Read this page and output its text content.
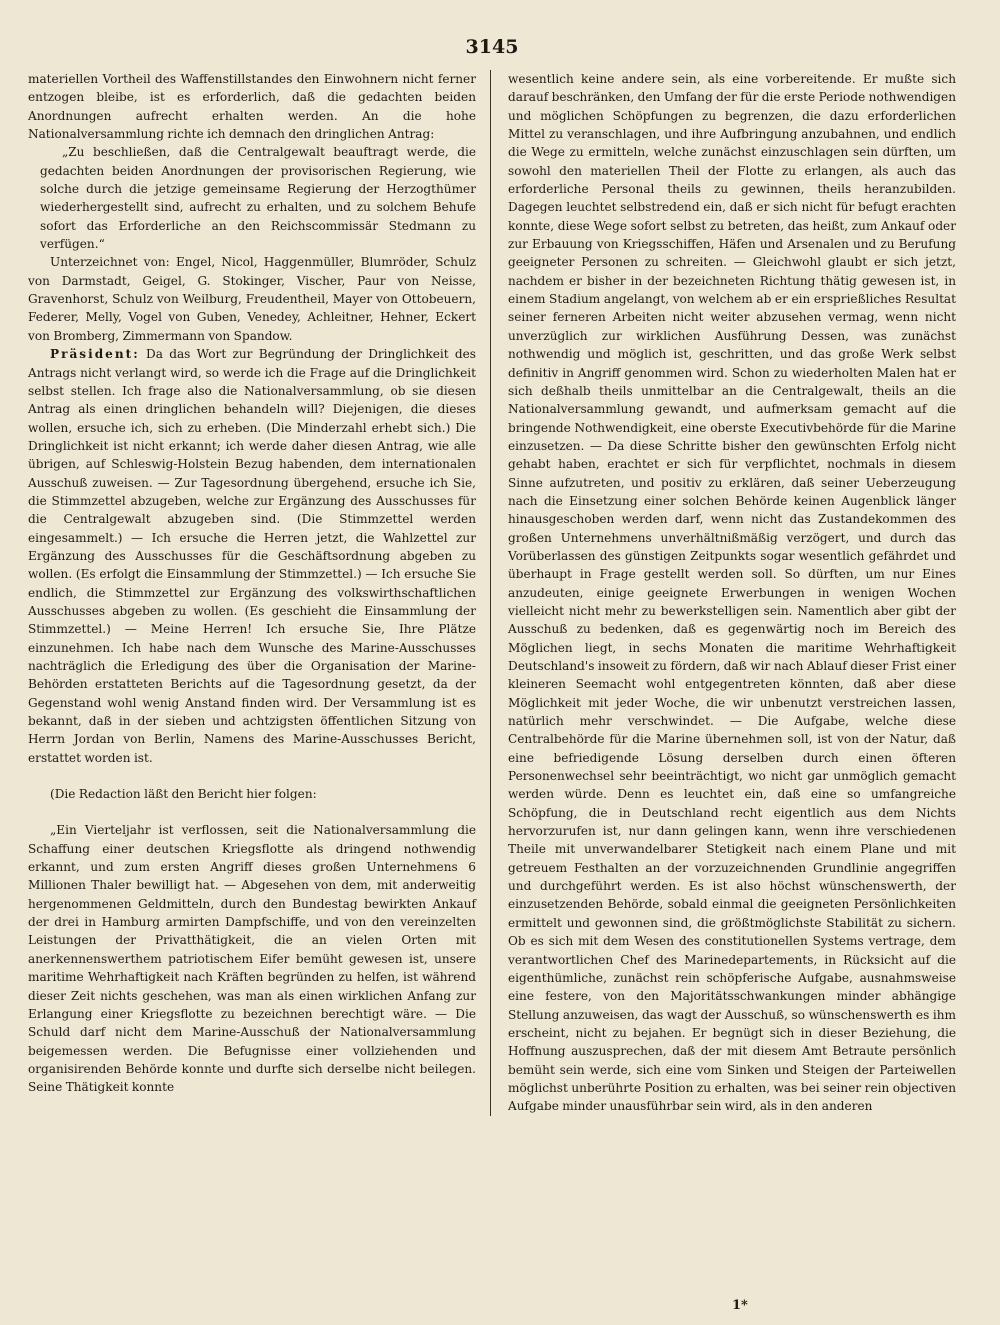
3145

materiellen Vortheil des Waffenstillstandes den Einwohnern nicht ferner entzogen bleibe, ist es erforderlich, daß die gedachten beiden Anordnungen aufrecht erhalten werden. An die hohe Nationalversammlung richte ich demnach den dringlichen Antrag:

„Zu beschließen, daß die Centralgewalt beauftragt werde, die gedachten beiden Anordnungen der provisorischen Regierung, wie solche durch die jetzige gemeinsame Regierung der Herzogthümer wiederhergestellt sind, aufrecht zu erhalten, und zu solchem Behufe sofort das Erforderliche an den Reichscommissär Stedmann zu verfügen.“

Unterzeichnet von: Engel, Nicol, Haggenmüller, Blumröder, Schulz von Darmstadt, Geigel, G. Stokinger, Vischer, Paur von Neisse, Gravenhorst, Schulz von Weilburg, Freudentheil, Mayer von Ottobeuern, Federer, Melly, Vogel von Guben, Venedey, Achleitner, Hehner, Eckert von Bromberg, Zimmermann von Spandow.

Präsident: Da das Wort zur Begründung der Dringlichkeit des Antrags nicht verlangt wird, so werde ich die Frage auf die Dringlichkeit selbst stellen. Ich frage also die Nationalversammlung, ob sie diesen Antrag als einen dringlichen behandeln will? Diejenigen, die dieses wollen, ersuche ich, sich zu erheben. (Die Minderzahl erhebt sich.) Die Dringlichkeit ist nicht erkannt; ich werde daher diesen Antrag, wie alle übrigen, auf Schleswig-Holstein Bezug habenden, dem internationalen Ausschuß zuweisen. — Zur Tagesordnung übergehend, ersuche ich Sie, die Stimmzettel abzugeben, welche zur Ergänzung des Ausschusses für die Centralgewalt abzugeben sind. (Die Stimmzettel werden eingesammelt.) — Ich ersuche die Herren jetzt, die Wahlzettel zur Ergänzung des Ausschusses für die Geschäftsordnung abgeben zu wollen. (Es erfolgt die Einsammlung der Stimmzettel.) — Ich ersuche Sie endlich, die Stimmzettel zur Ergänzung des volkswirthschaftlichen Ausschusses abgeben zu wollen. (Es geschieht die Einsammlung der Stimmzettel.) — Meine Herren! Ich ersuche Sie, Ihre Plätze einzunehmen. Ich habe nach dem Wunsche des Marine-Ausschusses nachträglich die Erledigung des über die Organisation der Marine-Behörden erstatteten Berichts auf die Tagesordnung gesetzt, da der Gegenstand wohl wenig Anstand finden wird. Der Versammlung ist es bekannt, daß in der sieben und achtzigsten öffentlichen Sitzung von Herrn Jordan von Berlin, Namens des Marine-Ausschusses Bericht, erstattet worden ist.

(Die Redaction läßt den Bericht hier folgen:

„Ein Vierteljahr ist verflossen, seit die Nationalversammlung die Schaffung einer deutschen Kriegsflotte als dringend nothwendig erkannt, und zum ersten Angriff dieses großen Unternehmens 6 Millionen Thaler bewilligt hat. — Abgesehen von dem, mit anderweitig hergenommenen Geldmitteln, durch den Bundestag bewirkten Ankauf der drei in Hamburg armirten Dampfschiffe, und von den vereinzelten Leistungen der Privatthätigkeit, die an vielen Orten mit anerkennenswerthem patriotischem Eifer bemüht gewesen ist, unsere maritime Wehrhaftigkeit nach Kräften begründen zu helfen, ist während dieser Zeit nichts geschehen, was man als einen wirklichen Anfang zur Erlangung einer Kriegsflotte zu bezeichnen berechtigt wäre. — Die Schuld darf nicht dem Marine-Ausschuß der Nationalversammlung beigemessen werden. Die Befugnisse einer vollziehenden und organisirenden Behörde konnte und durfte sich derselbe nicht beilegen. Seine Thätigkeit konnte

wesentlich keine andere sein, als eine vorbereitende. Er mußte sich darauf beschränken, den Umfang der für die erste Periode nothwendigen und möglichen Schöpfungen zu begrenzen, die dazu erforderlichen Mittel zu veranschlagen, und ihre Aufbringung anzubahnen, und endlich die Wege zu ermitteln, welche zunächst einzuschlagen sein dürften, um sowohl den materiellen Theil der Flotte zu erlangen, als auch das erforderliche Personal theils zu gewinnen, theils heranzubilden. Dagegen leuchtet selbstredend ein, daß er sich nicht für befugt erachten konnte, diese Wege sofort selbst zu betreten, das heißt, zum Ankauf oder zur Erbauung von Kriegsschiffen, Häfen und Arsenalen und zu Berufung geeigneter Personen zu schreiten. — Gleichwohl glaubt er sich jetzt, nachdem er bisher in der bezeichneten Richtung thätig gewesen ist, in einem Stadium angelangt, von welchem ab er ein ersprießliches Resultat seiner ferneren Arbeiten nicht weiter abzusehen vermag, wenn nicht unverzüglich zur wirklichen Ausführung Dessen, was zunächst nothwendig und möglich ist, geschritten, und das große Werk selbst definitiv in Angriff genommen wird. Schon zu wiederholten Malen hat er sich deßhalb theils unmittelbar an die Centralgewalt, theils an die Nationalversammlung gewandt, und aufmerksam gemacht auf die bringende Nothwendigkeit, eine oberste Executivbehörde für die Marine einzusetzen. — Da diese Schritte bisher den gewünschten Erfolg nicht gehabt haben, erachtet er sich für verpflichtet, nochmals in diesem Sinne aufzutreten, und positiv zu erklären, daß seiner Ueberzeugung nach die Einsetzung einer solchen Behörde keinen Augenblick länger hinausgeschoben werden darf, wenn nicht das Zustandekommen des großen Unternehmens unverhältnißmäßig verzögert, und durch das Vorüberlassen des günstigen Zeitpunkts sogar wesentlich gefährdet und überhaupt in Frage gestellt werden soll. So dürften, um nur Eines anzudeuten, einige geeignete Erwerbungen in wenigen Wochen vielleicht nicht mehr zu bewerkstelligen sein. Namentlich aber gibt der Ausschuß zu bedenken, daß es gegenwärtig noch im Bereich des Möglichen liegt, in sechs Monaten die maritime Wehrhaftigkeit Deutschland's insoweit zu fördern, daß wir nach Ablauf dieser Frist einer kleineren Seemacht wohl entgegentreten könnten, daß aber diese Möglichkeit mit jeder Woche, die wir unbenutzt verstreichen lassen, natürlich mehr verschwindet. — Die Aufgabe, welche diese Centralbehörde für die Marine übernehmen soll, ist von der Natur, daß eine befriedigende Lösung derselben durch einen öfteren Personenwechsel sehr beeinträchtigt, wo nicht gar unmöglich gemacht werden würde. Denn es leuchtet ein, daß eine so umfangreiche Schöpfung, die in Deutschland recht eigentlich aus dem Nichts hervorzurufen ist, nur dann gelingen kann, wenn ihre verschiedenen Theile mit unverwandelbarer Stetigkeit nach einem Plane und mit getreuem Festhalten an der vorzuzeichnenden Grundlinie angegriffen und durchgeführt werden. Es ist also höchst wünschenswerth, der einzusetzenden Behörde, sobald einmal die geeigneten Persönlichkeiten ermittelt und gewonnen sind, die größtmöglichste Stabilität zu sichern. Ob es sich mit dem Wesen des constitutionellen Systems vertrage, dem verantwortlichen Chef des Marinedepartements, in Rücksicht auf die eigenthümliche, zunächst rein schöpferische Aufgabe, ausnahmsweise eine festere, von den Majoritätsschwankungen minder abhängige Stellung anzuweisen, das wagt der Ausschuß, so wünschenswerth es ihm erscheint, nicht zu bejahen. Er begnügt sich in dieser Beziehung, die Hoffnung auszusprechen, daß der mit diesem Amt Betraute persönlich bemüht sein werde, sich eine vom Sinken und Steigen der Parteiwellen möglichst unberührte Position zu erhalten, was bei seiner rein objectiven Aufgabe minder unausführbar sein wird, als in den anderen

1*
